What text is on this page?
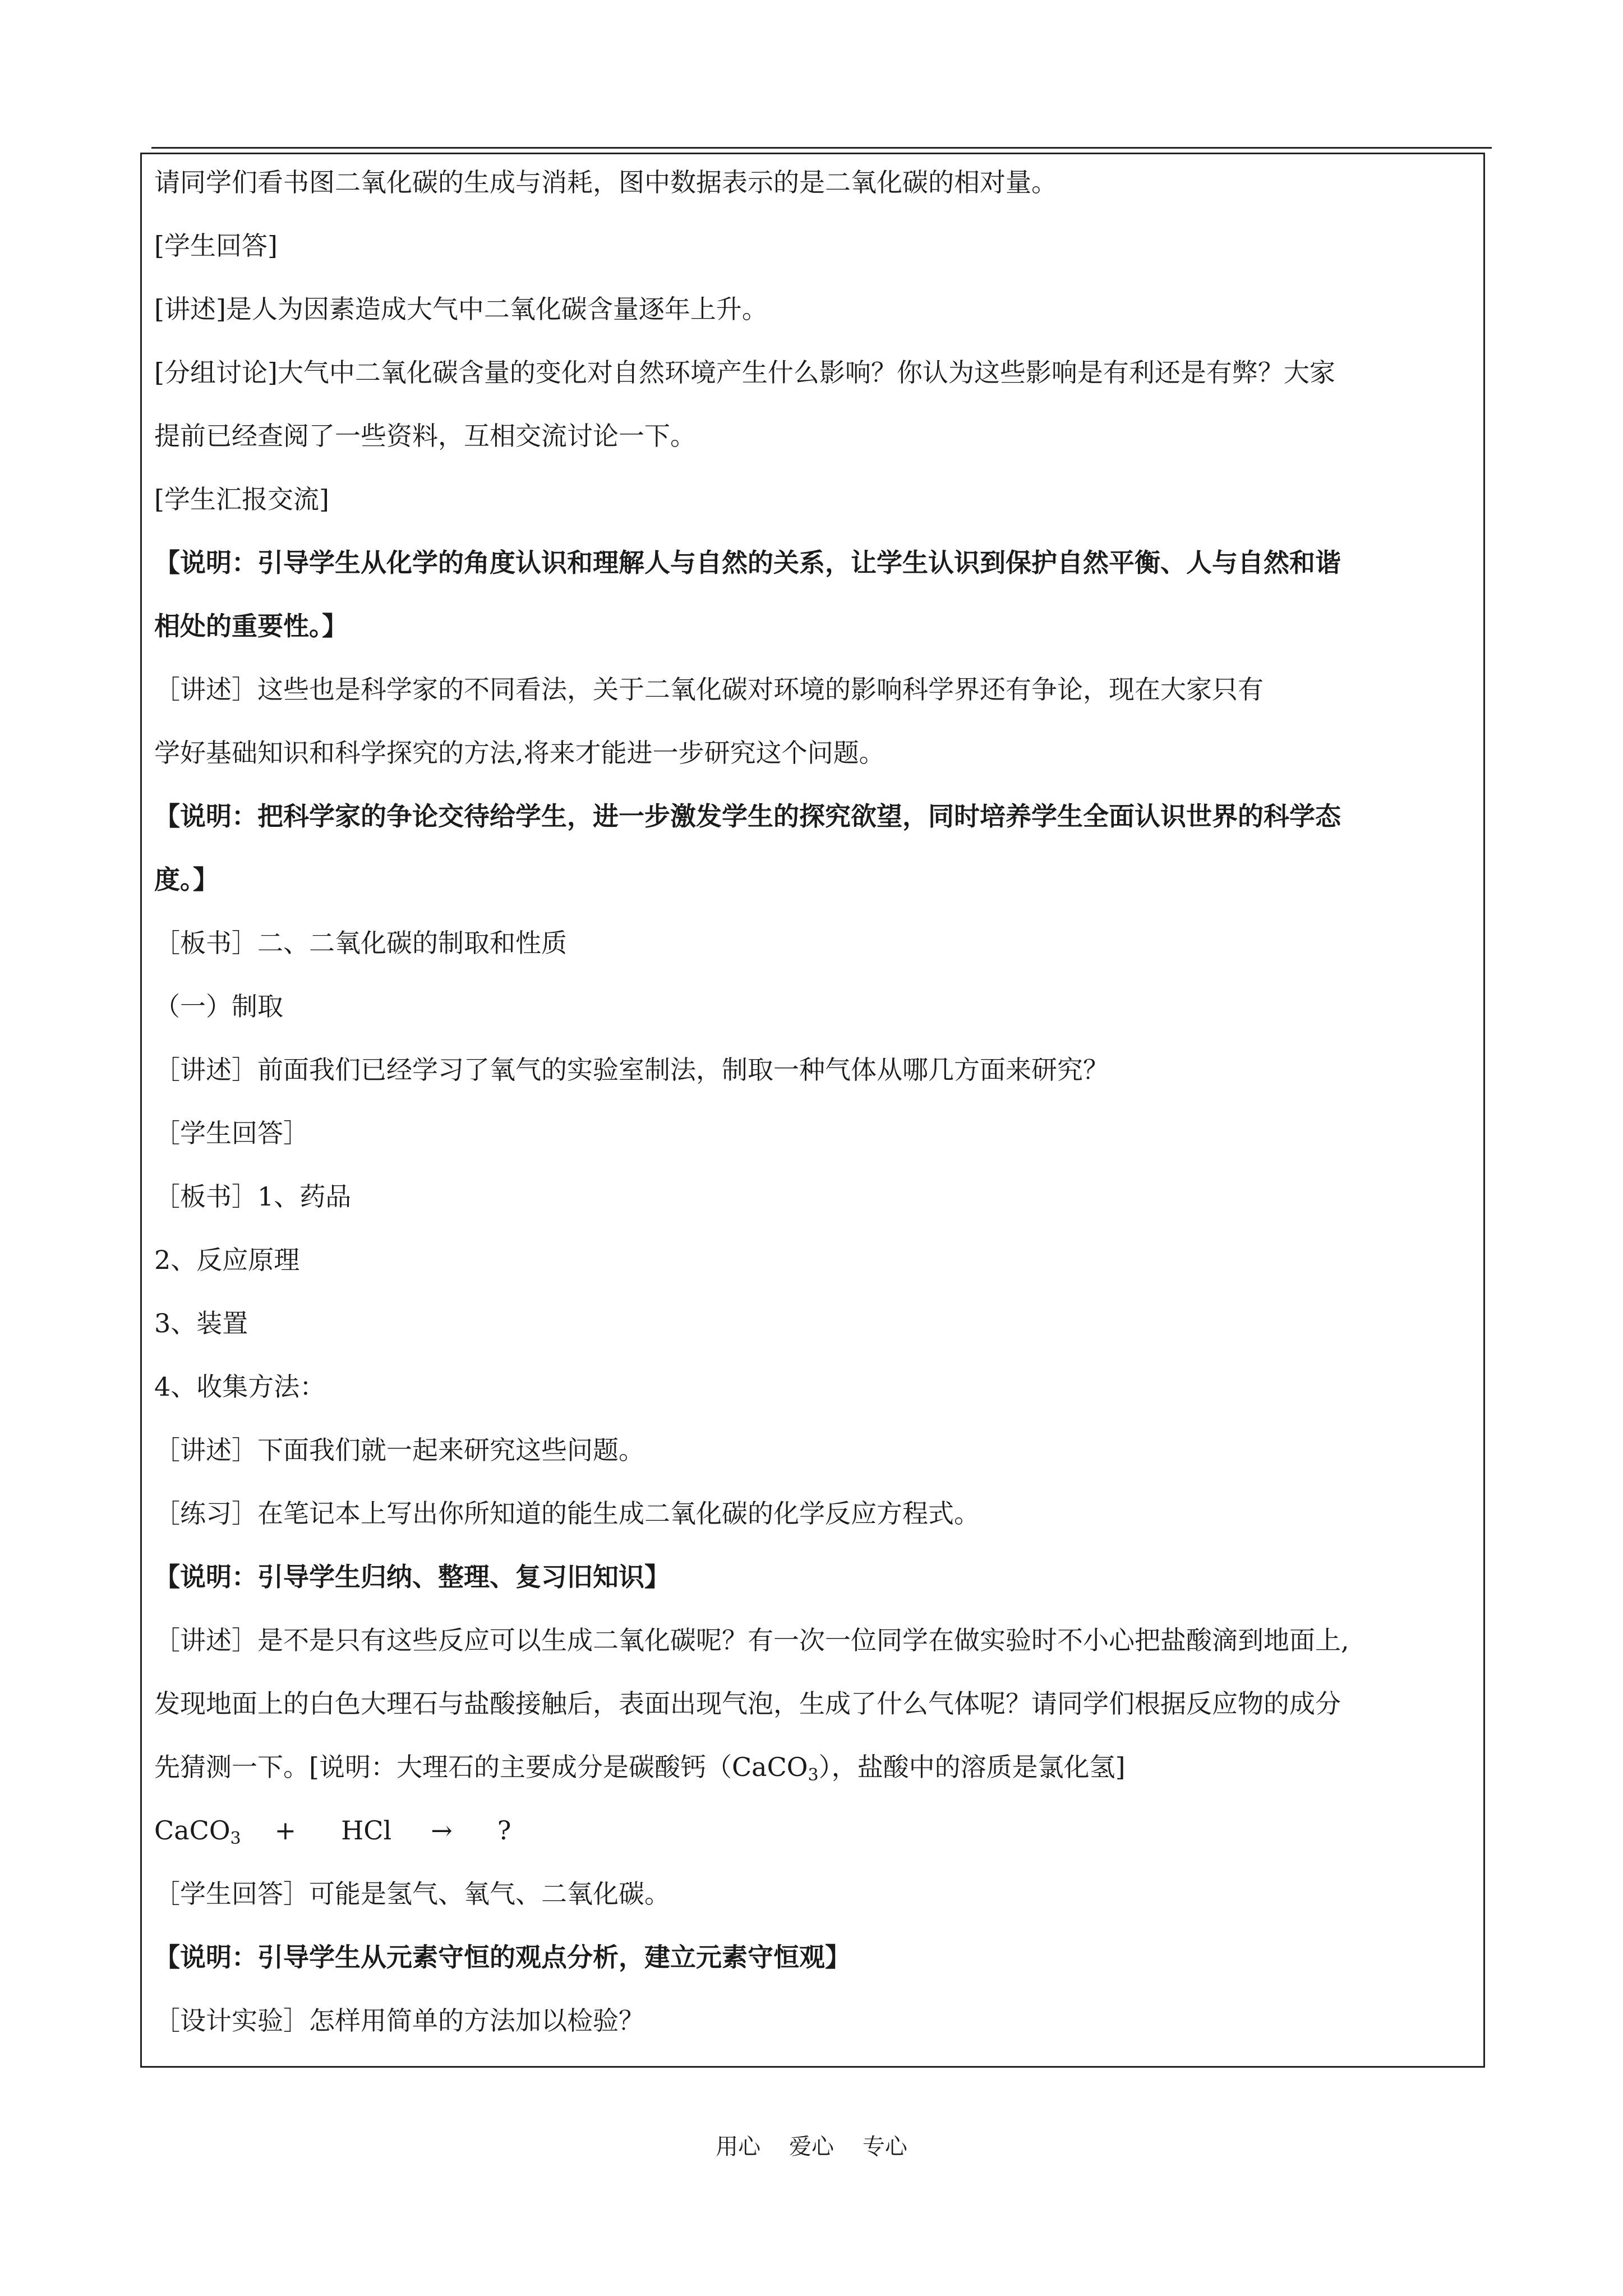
请同学们看书图二氧化碳的生成与消耗，图中数据表示的是二氧化碳的相对量。

[学生回答]

[讲述]是人为因素造成大气中二氧化碳含量逐年上升。

[分组讨论]大气中二氧化碳含量的变化对自然环境产生什么影响？你认为这些影响是有利还是有弊？大家

提前已经查阅了一些资料，互相交流讨论一下。

[学生汇报交流]

【说明：引导学生从化学的角度认识和理解人与自然的关系，让学生认识到保护自然平衡、人与自然和谐

相处的重要性。】

［讲述］这些也是科学家的不同看法，关于二氧化碳对环境的影响科学界还有争论，现在大家只有

学好基础知识和科学探究的方法,将来才能进一步研究这个问题。

【说明：把科学家的争论交待给学生，进一步激发学生的探究欲望，同时培养学生全面认识世界的科学态

度。】

［板书］二、二氧化碳的制取和性质

（一）制取

［讲述］前面我们已经学习了氧气的实验室制法，制取一种气体从哪几方面来研究？

［学生回答］

［板书］1、药品

2、反应原理

3、装置

4、收集方法：

［讲述］下面我们就一起来研究这些问题。

［练习］在笔记本上写出你所知道的能生成二氧化碳的化学反应方程式。

【说明：引导学生归纳、整理、复习旧知识】

［讲述］是不是只有这些反应可以生成二氧化碳呢？有一次一位同学在做实验时不小心把盐酸滴到地面上,

发现地面上的白色大理石与盐酸接触后，表面出现气泡，生成了什么气体呢？请同学们根据反应物的成分

先猜测一下。[说明：大理石的主要成分是碳酸钙（CaCO$_3$），盐酸中的溶质是氯化氢]

CaCO$_3$ + HCl → ?

［学生回答］可能是氢气、氧气、二氧化碳。

【说明：引导学生从元素守恒的观点分析，建立元素守恒观】

［设计实验］怎样用简单的方法加以检验？

用心    爱心    专心
